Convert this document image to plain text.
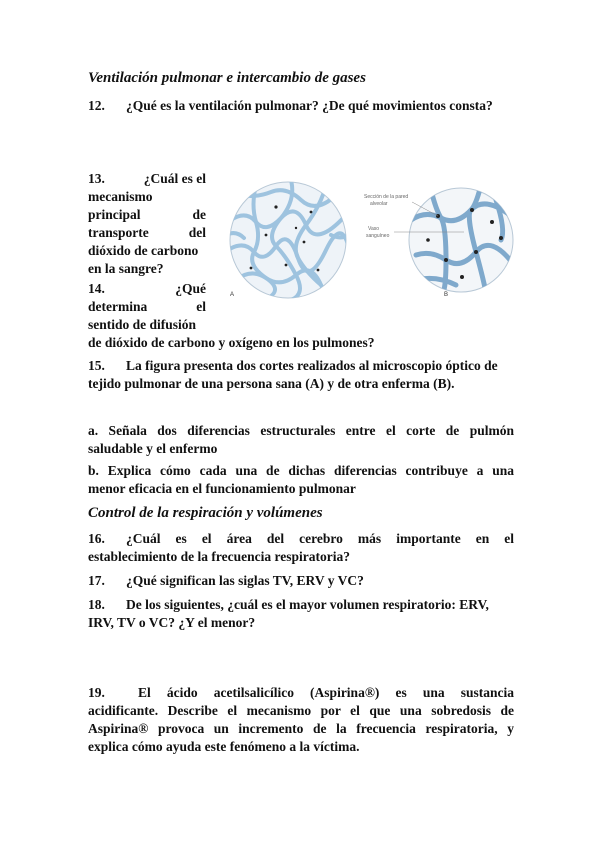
Ventilación pulmonar e intercambio de gases
12. ¿Qué es la ventilación pulmonar? ¿De qué movimientos consta?
13.	¿Cuál es el
mecanismo
principal de
transporte del
dióxido de carbono
en la sangre?
14.	¿Qué
determina el
sentido de difusión
de dióxido de carbono y oxígeno en los pulmones?
A	B
Sección de la pared
alveolar
Vaso
sanguíneo
15. La figura presenta dos cortes realizados al microscopio óptico de
tejido pulmonar de una persona sana (A) y de otra enferma (B).
a. Señala dos diferencias estructurales entre el corte de pulmón
saludable y el enfermo
b. Explica cómo cada una de dichas diferencias contribuye a una
menor eficacia en el funcionamiento pulmonar
Control de la respiración y volúmenes
16. ¿Cuál es el área del cerebro más importante en el
establecimiento de la frecuencia respiratoria?
17. ¿Qué significan las siglas TV, ERV y VC?
18. De los siguientes, ¿cuál es el mayor volumen respiratorio: ERV,
IRV, TV o VC? ¿Y el menor?
19. El ácido acetilsalicílico (Aspirina®) es una sustancia
acidificante. Describe el mecanismo por el que una sobredosis de
Aspirina® provoca un incremento de la frecuencia respiratoria, y
explica cómo ayuda este fenómeno a la víctima.
